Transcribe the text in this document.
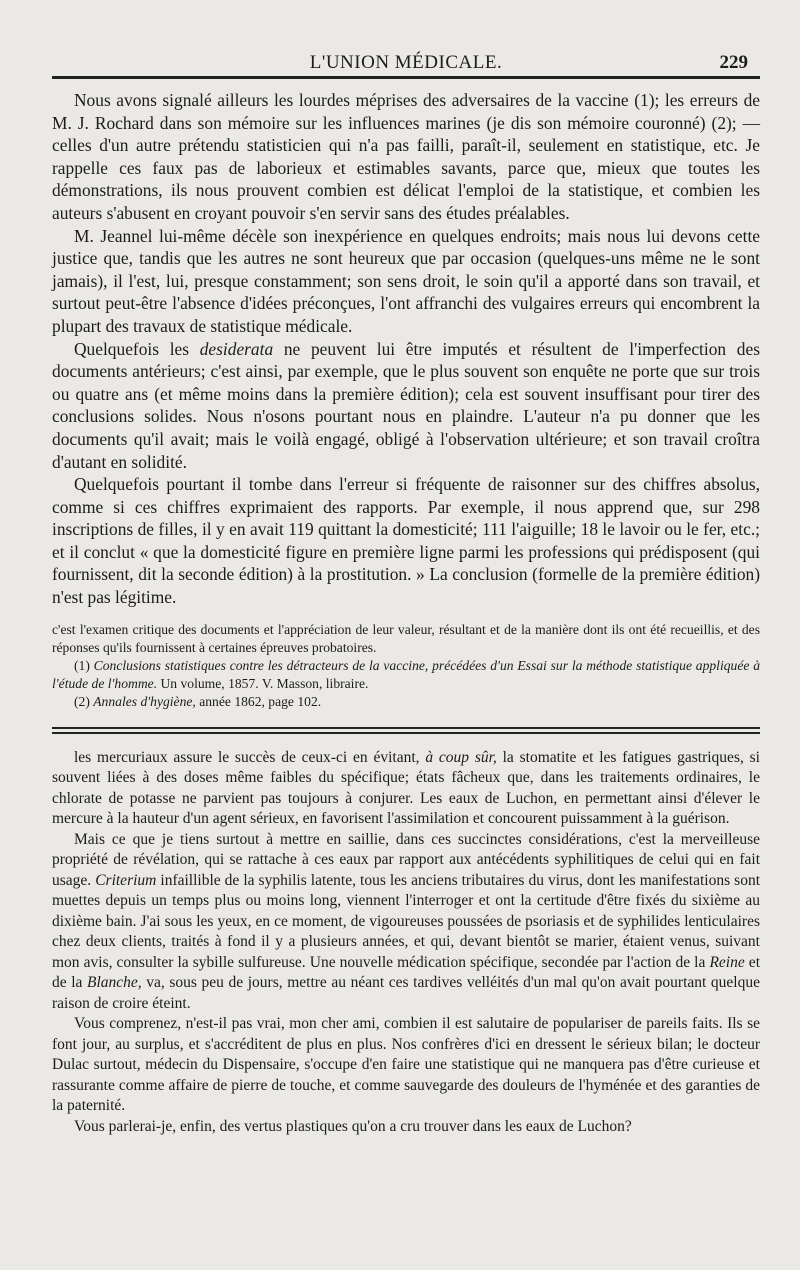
L'UNION MÉDICALE.	229

Nous avons signalé ailleurs les lourdes méprises des adversaires de la vaccine (1); les erreurs de M. J. Rochard dans son mémoire sur les influences marines (je dis son mémoire couronné) (2); — celles d'un autre prétendu statisticien qui n'a pas failli, paraît-il, seulement en statistique, etc. Je rappelle ces faux pas de laborieux et estimables savants, parce que, mieux que toutes les démonstrations, ils nous prouvent combien est délicat l'emploi de la statistique, et combien les auteurs s'abusent en croyant pouvoir s'en servir sans des études préalables.

M. Jeannel lui-même décèle son inexpérience en quelques endroits; mais nous lui devons cette justice que, tandis que les autres ne sont heureux que par occasion (quelques-uns même ne le sont jamais), il l'est, lui, presque constamment; son sens droit, le soin qu'il a apporté dans son travail, et surtout peut-être l'absence d'idées préconçues, l'ont affranchi des vulgaires erreurs qui encombrent la plupart des travaux de statistique médicale.

Quelquefois les desiderata ne peuvent lui être imputés et résultent de l'imperfection des documents antérieurs; c'est ainsi, par exemple, que le plus souvent son enquête ne porte que sur trois ou quatre ans (et même moins dans la première édition); cela est souvent insuffisant pour tirer des conclusions solides. Nous n'osons pourtant nous en plaindre. L'auteur n'a pu donner que les documents qu'il avait; mais le voilà engagé, obligé à l'observation ultérieure; et son travail croîtra d'autant en solidité.

Quelquefois pourtant il tombe dans l'erreur si fréquente de raisonner sur des chiffres absolus, comme si ces chiffres exprimaient des rapports. Par exemple, il nous apprend que, sur 298 inscriptions de filles, il y en avait 119 quittant la domesticité; 111 l'aiguille; 18 le lavoir ou le fer, etc.; et il conclut « que la domesticité figure en première ligne parmi les professions qui prédisposent (qui fournissent, dit la seconde édition) à la prostitution. » La conclusion (formelle de la première édition) n'est pas légitime.

c'est l'examen critique des documents et l'appréciation de leur valeur, résultant et de la manière dont ils ont été recueillis, et des réponses qu'ils fournissent à certaines épreuves probatoires.

(1) Conclusions statistiques contre les détracteurs de la vaccine, précédées d'un Essai sur la méthode statistique appliquée à l'étude de l'homme. Un volume, 1857. V. Masson, libraire.

(2) Annales d'hygiène, année 1862, page 102.

les mercuriaux assure le succès de ceux-ci en évitant, à coup sûr, la stomatite et les fatigues gastriques, si souvent liées à des doses même faibles du spécifique; états fâcheux que, dans les traitements ordinaires, le chlorate de potasse ne parvient pas toujours à conjurer. Les eaux de Luchon, en permettant ainsi d'élever le mercure à la hauteur d'un agent sérieux, en favorisent l'assimilation et concourent puissamment à la guérison.

Mais ce que je tiens surtout à mettre en saillie, dans ces succinctes considérations, c'est la merveilleuse propriété de révélation, qui se rattache à ces eaux par rapport aux antécédents syphilitiques de celui qui en fait usage. Criterium infaillible de la syphilis latente, tous les anciens tributaires du virus, dont les manifestations sont muettes depuis un temps plus ou moins long, viennent l'interroger et ont la certitude d'être fixés du sixième au dixième bain. J'ai sous les yeux, en ce moment, de vigoureuses poussées de psoriasis et de syphilides lenticulaires chez deux clients, traités à fond il y a plusieurs années, et qui, devant bientôt se marier, étaient venus, suivant mon avis, consulter la sybille sulfureuse. Une nouvelle médication spécifique, secondée par l'action de la Reine et de la Blanche, va, sous peu de jours, mettre au néant ces tardives velléités d'un mal qu'on avait pourtant quelque raison de croire éteint.

Vous comprenez, n'est-il pas vrai, mon cher ami, combien il est salutaire de populariser de pareils faits. Ils se font jour, au surplus, et s'accréditent de plus en plus. Nos confrères d'ici en dressent le sérieux bilan; le docteur Dulac surtout, médecin du Dispensaire, s'occupe d'en faire une statistique qui ne manquera pas d'être curieuse et rassurante comme affaire de pierre de touche, et comme sauvegarde des douleurs de l'hyménée et des garanties de la paternité.

Vous parlerai-je, enfin, des vertus plastiques qu'on a cru trouver dans les eaux de Luchon?
